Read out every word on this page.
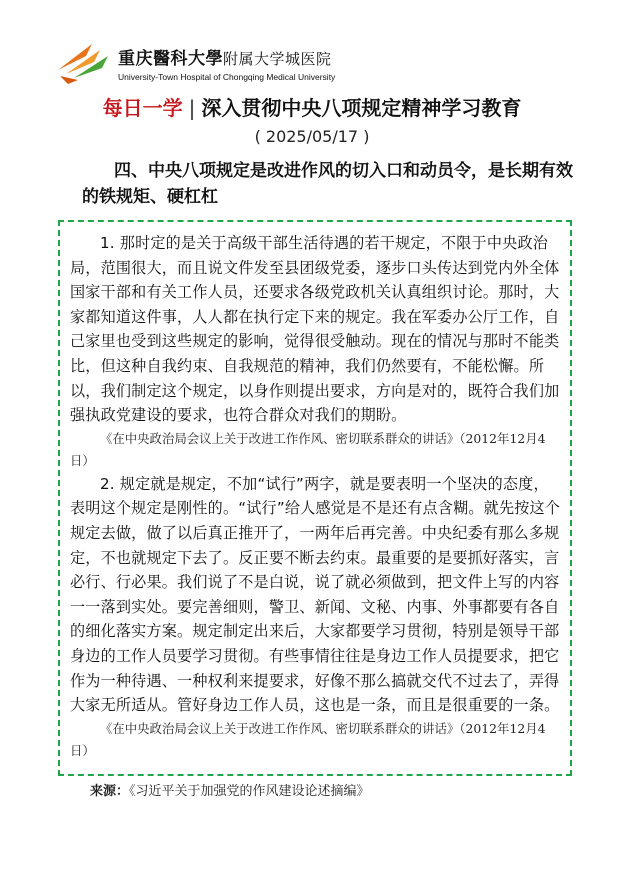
重庆醫科大學附属大学城医院
University-Town Hospital of Chongqing Medical University
每日一学 | 深入贯彻中央八项规定精神学习教育
( 2025/05/17 )

四、中央八项规定是改进作风的切入口和动员令，是长期有效的铁规矩、硬杠杠

1. 那时定的是关于高级干部生活待遇的若干规定，不限于中央政治局，范围很大，而且说文件发至县团级党委，逐步口头传达到党内外全体国家干部和有关工作人员，还要求各级党政机关认真组织讨论。那时，大家都知道这件事，人人都在执行定下来的规定。我在军委办公厅工作，自己家里也受到这些规定的影响，觉得很受触动。现在的情况与那时不能类比，但这种自我约束、自我规范的精神，我们仍然要有，不能松懈。所以，我们制定这个规定，以身作则提出要求，方向是对的，既符合我们加强执政党建设的要求，也符合群众对我们的期盼。

《在中央政治局会议上关于改进工作作风、密切联系群众的讲话》（2012年12月4日）

2. 规定就是规定，不加“试行”两字，就是要表明一个坚决的态度，表明这个规定是刚性的。“试行”给人感觉是不是还有点含糊。就先按这个规定去做，做了以后真正推开了，一两年后再完善。中央纪委有那么多规定，不也就规定下去了。反正要不断去约束。最重要的是要抓好落实，言必行、行必果。我们说了不是白说，说了就必须做到，把文件上写的内容一一落到实处。要完善细则，警卫、新闻、文秘、内事、外事都要有各自的细化落实方案。规定制定出来后，大家都要学习贯彻，特别是领导干部身边的工作人员要学习贯彻。有些事情往往是身边工作人员提要求，把它作为一种待遇、一种权利来提要求，好像不那么搞就交代不过去了，弄得大家无所适从。管好身边工作人员，这也是一条，而且是很重要的一条。

《在中央政治局会议上关于改进工作作风、密切联系群众的讲话》（2012年12月4日）

来源：《习近平关于加强党的作风建设论述摘编》
